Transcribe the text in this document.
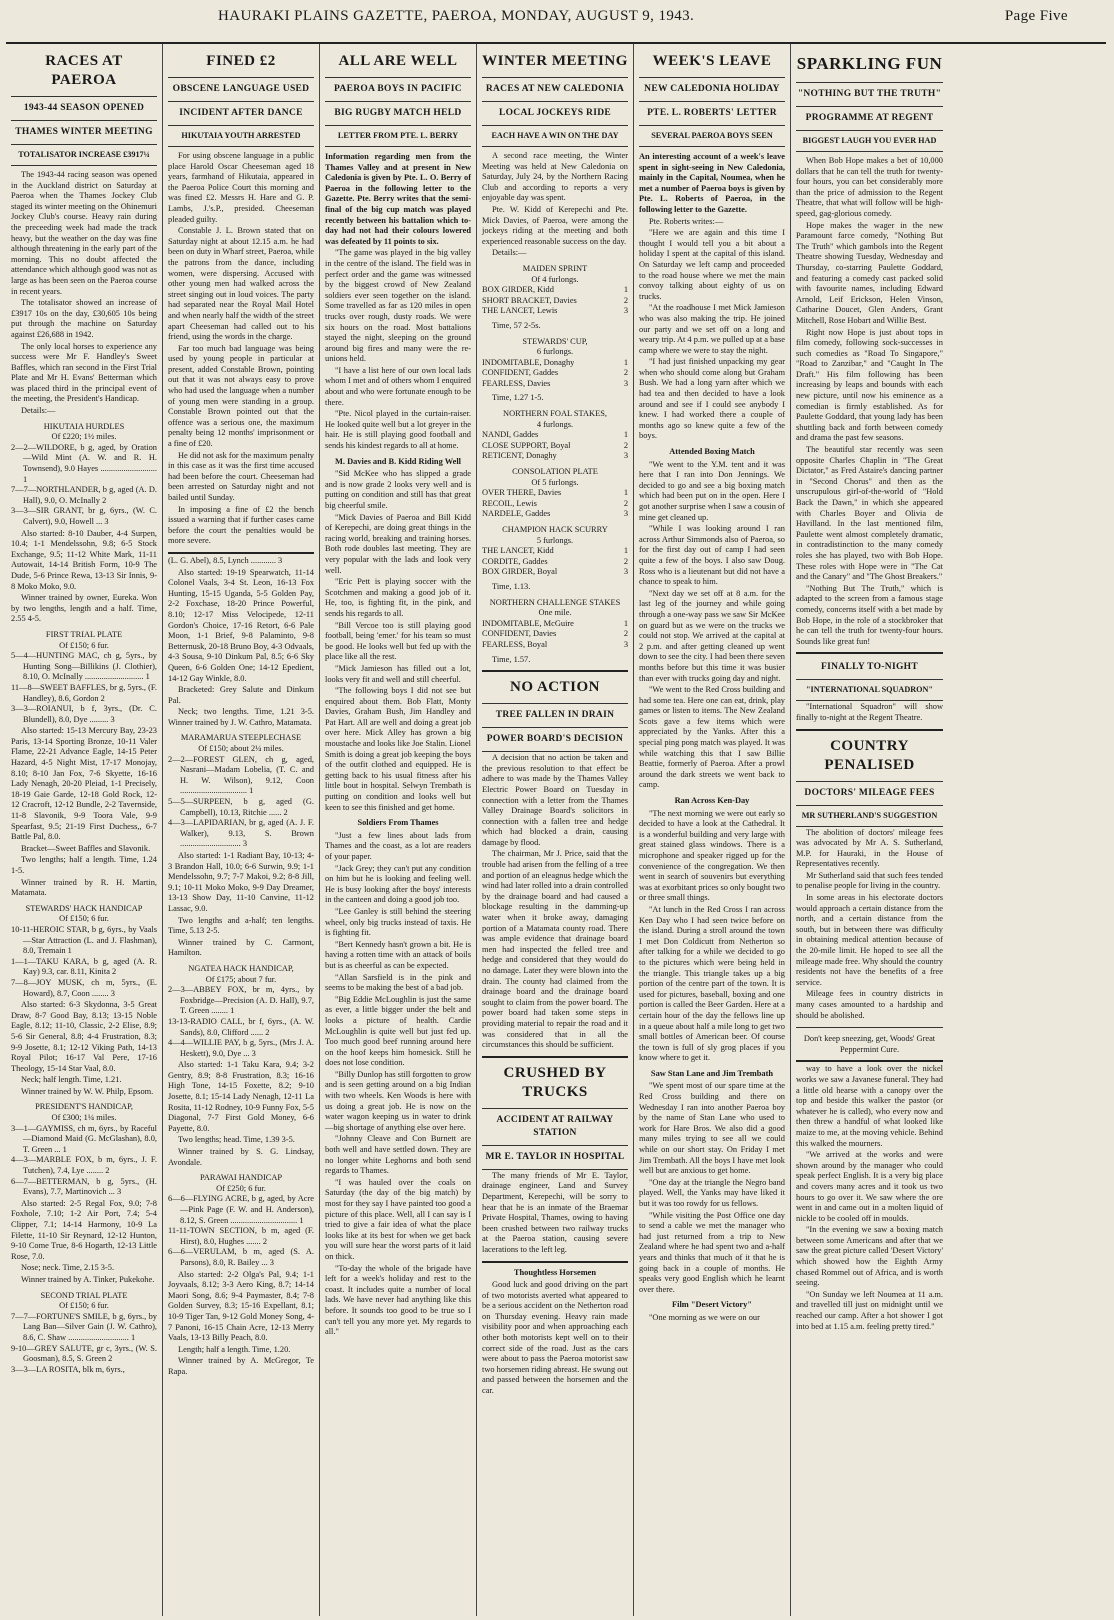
HAURAKI PLAINS GAZETTE, PAEROA, MONDAY, AUGUST 9, 1943.	Page Five
RACES AT PAEROA
1943-44 SEASON OPENED
THAMES WINTER MEETING
TOTALISATOR INCREASE £3917¼

The 1943-44 racing season was opened in the Auckland district on Saturday at Paeroa when the Thames Jockey Club staged its winter meeting on the Ohinemuri Jockey Club's course. Heavy rain during the preceeding week had made the track heavy, but the weather on the day was fine although threatening in the early part of the morning. This no doubt affected the attendance which although good was not as large as has been seen on the Paeroa course in recent years.

The totalisator showed an increase of £3917 10s on the day, £30,605 10s being put through the machine on Saturday against £26,688 in 1942.

The only local horses to experience any success were Mr F. Handley's Sweet Baffles, which ran second in the First Trial Plate and Mr H. Evans' Betterman which was placed third in the principal event of the meeting, the President's Handicap.

Details:—

HIKUTAIA HURDLES
Of £220; 1½ miles.

2—2—WILDORE, b g, aged, by Oration—Wild Mint (A. W. and R. H. Townsend), 9.0 Hayes ........................... 1

7—7—NORTHLANDER, b g, aged (A. D. Hall), 9.0, O. McInally 2

3—3—SIR GRANT, br g, 6yrs., (W. C. Calvert), 9.0, Howell ... 3

Also started: 8-10 Dauber, 4-4 Surpen, 10.4; 1-1 Mendelssohn, 9.8; 6-5 Stock Exchange, 9.5; 11-12 White Mark, 11-11 Autowait, 14-14 British Form, 10-9 The Dude, 5-6 Prince Rewa, 13-13 Sir Innis, 9-8 Moko Moko, 9.0.

Winner trained by owner, Eureka. Won by two lengths, length and a half. Time, 2.55 4-5.

FIRST TRIAL PLATE
Of £150; 6 fur.

5—4—HUNTING MAC, ch g, 5yrs., by Hunting Song—Billikins (J. Clothier), 8.10, O. McInally ............................ 1

11—8—SWEET BAFFLES, br g, 5yrs., (F. Handley), 8.6, Gordon 2

3—3—ROIANUI, b f, 3yrs., (Dr. C. Blundell), 8.0, Dye ......... 3

Also started: 15-13 Mercury Bay, 23-23 Paris, 13-14 Sporting Bronze, 10-11 Valer Flame, 22-21 Advance Eagle, 14-15 Peter Hazard, 4-5 Night Mist, 17-17 Monojay, 8.10; 8-10 Jan Fox, 7-6 Skyette, 16-16 Lady Nenagh, 20-20 Pleiad, 1-1 Precisely, 18-19 Gaie Garde, 12-18 Gold Rock, 12-12 Cracroft, 12-12 Bundle, 2-2 Tavernside, 11-8 Slavonik, 9-9 Toora Vale, 9-9 Spearfast, 9.5; 21-19 First Duchess,, 6-7 Battle Pal, 8.0.

Bracket—Sweet Baffles and Slavonik.

Two lengths; half a length. Time, 1.24 1-5.

Winner trained by R. H. Martin, Matamata.

STEWARDS' HACK HANDICAP
Of £150; 6 fur.

10-11-HEROIC STAR, b g, 6yrs., by Vaals—Star Attraction (L. and J. Flashman), 8.0, Tremain 1

1—1—TAKU KARA, b g, aged (A. R. Kay) 9.3, car. 8.11, Kinita 2

7—8—JOY MUSK, ch m, 5yrs., (E. Howard), 8.7, Coon ........ 3

Also started: 6-3 Skydonna, 3-5 Great Draw, 8-7 Good Bay, 8.13; 13-15 Noble Eagle, 8.12; 11-10, Classic, 2-2 Elise, 8.9; 5-6 Sir General, 8.8; 4-4 Frustration, 8.3; 9-9 Josette, 8.1; 12-12 Viking Path, 14-13 Royal Pilot; 16-17 Val Pere, 17-16 Theology, 15-14 Star Vaal, 8.0.

Neck; half length. Time, 1.21.

Winner trained by W. W. Philp, Epsom.

PRESIDENT'S HANDICAP,
Of £300; 1¼ miles.

3—1—GAYMISS, ch m, 6yrs., by Raceful—Diamond Maid (G. McGlashan), 8.0, T. Green ... 1

4—3—MARBLE FOX, b m, 6yrs., J. F. Tutchen), 7.4, Lye ........ 2

6—7—BETTERMAN, b g, 5yrs., (H. Evans), 7.7, Martinovich ... 3

Also started: 2-5 Regal Fox, 9.0; 7-8 Foxhole, 7.10; 1-2 Air Port, 7.4; 5-4 Clipper, 7.1; 14-14 Harmony, 10-9 La Filette, 11-10 Sir Reynard, 12-12 Hunton, 9-10 Come True, 8-6 Hogarth, 12-13 Little Rose, 7.0.

Nose; neck. Time, 2.15 3-5.

Winner trained by A. Tinker, Pukekohe.

SECOND TRIAL PLATE
Of £150; 6 fur.

7—7—FORTUNE'S SMILE, b g, 6yrs., by Lang Ban—Silver Gain (J. W. Cathro), 8.6, C. Shaw ............................. 1

9-10—GREY SALUTE, gr c, 3yrs., (W. S. Goosman), 8.5, S. Green 2

3—3—LA ROSITA, blk m, 6yrs.,

FINED £2
OBSCENE LANGUAGE USED
INCIDENT AFTER DANCE
HIKUTAIA YOUTH ARRESTED

For using obscene language in a public place Harold Oscar Cheeseman aged 18 years, farmhand of Hikutaia, appeared in the Paeroa Police Court this morning and was fined £2. Messrs H. Hare and G. P. Lambs, J.'s.P., presided. Cheeseman pleaded guilty.

Constable J. L. Brown stated that on Saturday night at about 12.15 a.m. he had been on duty in Wharf street, Paeroa, while the patrons from the dance, including women, were dispersing. Accused with other young men had walked across the street singing out in loud voices. The party had separated near the Royal Mail Hotel and when nearly half the width of the street apart Cheeseman had called out to his friend, using the words in the charge.

Far too much bad language was being used by young people in particular at present, added Constable Brown, pointing out that it was not always easy to prove who had used the language when a number of young men were standing in a group. Constable Brown pointed out that the offence was a serious one, the maximum penalty being 12 months' imprisonment or a fine of £20.

He did not ask for the maximum penalty in this case as it was the first time accused had been before the court. Cheeseman had been arrested on Saturday night and not bailed until Sunday.

In imposing a fine of £2 the bench issued a warning that if further cases came before the court the penalties would be more severe.

(L. G. Abel), 8.5, Lynch ............ 3

Also started: 19-19 Spearwatch, 11-14 Colonel Vaals, 3-4 St. Leon, 16-13 Fox Hunting, 15-15 Uganda, 5-5 Golden Pay, 2-2 Foxchase, 18-20 Prince Powerful, 8.10; 12-17 Miss Velocipede, 12-11 Gordon's Choice, 17-16 Retort, 6-6 Pale Moon, 1-1 Brief, 9-8 Palaminto, 9-8 Betternusk, 20-18 Bruno Boy, 4-3 Odvaals, 4-3 Sousa, 9-10 Dinkum Pal, 8.5; 6-6 Sky Queen, 6-6 Golden One; 14-12 Epedient, 14-12 Gay Winkle, 8.0.

Bracketed: Grey Salute and Dinkum Pal.

Neck; two lengths. Time, 1.21 3-5. Winner trained by J. W. Cathro, Matamata.

MARAMARUA STEEPLECHASE
Of £150; about 2¼ miles.

2—2—FOREST GLEN, ch g, aged, Nasrani—Madam Lobelia, (T. C. and H. W. Wilson), 9.12, Coon ................................ 1

5—5—SURPEEN, b g, aged (G. Campbell), 10.13, Ritchie ...... 2

4—3—LAPIDARIAN, br g, aged (A. J. F. Walker), 9.13, S. Brown ............................. 3

Also started: 1-1 Radiant Bay, 10-13; 4-3 Brandon Hall, 10.0; 6-6 Surwin, 9.9; 1-1 Mendelssohn, 9.7; 7-7 Makoi, 9.2; 8-8 Jill, 9.1; 10-11 Moko Moko, 9-9 Day Dreamer, 13-13 Show Day, 11-10 Canvine, 11-12 Lassac, 9.0.

Two lengths and a-half; ten lengths. Time, 5.13 2-5.

Winner trained by C. Carmont, Hamilton.

NGATEA HACK HANDICAP,
Of £175; about 7 fur.

2—3—ABBEY FOX, br m, 4yrs., by Foxbridge—Precision (A. D. Hall), 9.7, T. Green ........ 1

13-13-RADIO CALL, br f, 6yrs., (A. W. Sands), 8.0, Clifford ...... 2

4—4—WILLIE PAY, b g, 5yrs., (Mrs J. A. Heskett), 9.0, Dye ... 3

Also started: 1-1 Taku Kara, 9.4; 3-2 Gentry, 8.9; 8-8 Frustration, 8.3; 16-16 High Tone, 14-15 Foxette, 8.2; 9-10 Josette, 8.1; 15-14 Lady Nenagh, 12-11 La Rosita, 11-12 Rodney, 10-9 Funny Fox, 5-5 Diagonal, 7-7 First Gold Money, 6-6 Payette, 8.0.

Two lengths; head. Time, 1.39 3-5.

Winner trained by S. G. Lindsay, Avondale.

PARAWAI HANDICAP
Of £250; 6 fur.

6—6—FLYING ACRE, b g, aged, by Acre—Pink Page (F. W. and H. Anderson), 8.12, S. Green ................................ 1

11-11-TOWN SECTION, b m, aged (F. Hirst), 8.0, Hughes ....... 2

6—6—VERULAM, b m, aged (S. A. Parsons), 8.0, R. Bailey ... 3

Also started: 2-2 Olga's Pal, 9.4; 1-1 Joyvaals, 8.12; 3-3 Aero King, 8.7; 14-14 Maori Song, 8.6; 9-4 Paymaster, 8.4; 7-8 Golden Survey, 8.3; 15-16 Expellant, 8.1; 10-9 Tiger Tan, 9-12 Gold Money Song, 4-7 Panoni, 16-15 Chain Acre, 12-13 Merry Vaals, 13-13 Billy Peach, 8.0.

Length; half a length. Time, 1.20.

Winner trained by A. McGregor, Te Rapa.

ALL ARE WELL
PAEROA BOYS IN PACIFIC
BIG RUGBY MATCH HELD
LETTER FROM PTE. L. BERRY

Information regarding men from the Thames Valley and at present in New Caledonia is given by Pte. L. O. Berry of Paeroa in the following letter to the Gazette. Pte. Berry writes that the semi-final of the big cup match was played recently between his battalion which to-day had not had their colours lowered was defeated by 11 points to six.

"The game was played in the big valley in the centre of the island. The field was in perfect order and the game was witnessed by the biggest crowd of New Zealand soldiers ever seen together on the island. Some travelled as far as 120 miles in open trucks over rough, dusty roads. We were six hours on the road. Most battalions stayed the night, sleeping on the ground around big fires and many were the re-unions held.

"I have a list here of our own local lads whom I met and of others whom I enquired about and who were fortunate enough to be there.

"Pte. Nicol played in the curtain-raiser. He looked quite well but a lot greyer in the hair. He is still playing good football and sends his kindest regards to all at home.

M. Davies and B. Kidd Riding Well

"Sid McKee who has slipped a grade and is now grade 2 looks very well and is putting on condition and still has that great big cheerful smile.

"Mick Davies of Paeroa and Bill Kidd of Kerepechi, are doing great things in the racing world, breaking and training horses. Both rode doubles last meeting. They are very popular with the lads and look very well.

"Eric Pett is playing soccer with the Scotchmen and making a good job of it. He, too, is fighting fit, in the pink, and sends his regards to all.

"Bill Vercoe too is still playing good football, being 'emer.' for his team so must be good. He looks well but fed up with the place like all the rest.

"Mick Jamieson has filled out a lot, looks very fit and well and still cheerful.

"The following boys I did not see but enquired about them. Bob Flatt, Monty Davies, Graham Bush, Jim Handley and Pat Hart. All are well and doing a great job over here. Mick Alley has grown a big moustache and looks like Joe Stalin. Lionel Smith is doing a great job keeping the boys of the outfit clothed and equipped. He is getting back to his usual fitness after his little bout in hospital. Selwyn Trembath is putting on condition and looks well but keen to see this finished and get home.

Soldiers From Thames

"Just a few lines about lads from Thames and the coast, as a lot are readers of your paper.

"Jack Grey; they can't put any condition on him but he is looking and feeling well. He is busy looking after the boys' interests in the canteen and doing a good job too.

"Lee Ganley is still behind the steering wheel, only big trucks instead of taxis. He is fighting fit.

"Bert Kennedy hasn't grown a bit. He is having a rotten time with an attack of boils but is as cheerful as can be expected.

"Allan Sarsfield is in the pink and seems to be making the best of a bad job.

"Big Eddie McLoughlin is just the same as ever, a little bigger under the belt and looks a picture of health. Cardie McLoughlin is quite well but just fed up. Too much good beef running around here on the hoof keeps him homesick. Still he does not lose condition.

"Billy Dunlop has still forgotten to grow and is seen getting around on a big Indian with two wheels. Ken Woods is here with us doing a great job. He is now on the water wagon keeping us in water to drink—big shortage of anything else over here.

"Johnny Cleave and Con Burnett are both well and have settled down. They are no longer white Leghorns and both send regards to Thames.

"I was hauled over the coals on Saturday (the day of the big match) by most for they say I have painted too good a picture of this place. Well, all I can say is I tried to give a fair idea of what the place looks like at its best for when we get back you will sure hear the worst parts of it laid on thick.

"To-day the whole of the brigade have left for a week's holiday and rest to the coast. It includes quite a number of local lads. We have never had anything like this before. It sounds too good to be true so I can't tell you any more yet. My regards to all."

WINTER MEETING
RACES AT NEW CALEDONIA
LOCAL JOCKEYS RIDE
EACH HAVE A WIN ON THE DAY

A second race meeting, the Winter Meeting was held at New Caledonia on Saturday, July 24, by the Northern Racing Club and according to reports a very enjoyable day was spent.

Pte. W. Kidd of Kerepechi and Pte. Mick Davies, of Paeroa, were among the jockeys riding at the meeting and both experienced reasonable success on the day.

Details:—

MAIDEN SPRINT
Of 4 furlongs.
BOX GIRDER, Kidd	1
SHORT BRACKET, Davies	2
THE LANCET, Lewis	3

Time, 57 2-5s.

STEWARDS' CUP,
6 furlongs.
INDOMITABLE, Donaghy	1
CONFIDENT, Gaddes	2
FEARLESS, Davies	3

Time, 1.27 1-5.

NORTHERN FOAL STAKES,
4 furlongs.
NANDI, Gaddes	1
CLOSE SUPPORT, Boyal	2
RETICENT, Donaghy	3
CONSOLATION PLATE
Of 5 furlongs.
OVER THERE, Davies	1
RECOIL, Lewis	2
NARDELE, Gaddes	3
CHAMPION HACK SCURRY
5 furlongs.
THE LANCET, Kidd	1
CORDITE, Gaddes	2
BOX GIRDER, Boyal	3

Time, 1.13.

NORTHERN CHALLENGE STAKES
One mile.
INDOMITABLE, McGuire	1
CONFIDENT, Davies	2
FEARLESS, Boyal	3

Time, 1.57.

NO ACTION
TREE FALLEN IN DRAIN
POWER BOARD'S DECISION

A decision that no action be taken and the previous resolution to that effect be adhere to was made by the Thames Valley Electric Power Board on Tuesday in connection with a letter from the Thames Valley Drainage Board's solicitors in connection with a fallen tree and hedge which had blocked a drain, causing damage by flood.

The chairman, Mr J. Price, said that the trouble had arisen from the felling of a tree and portion of an eleagnus hedge which the wind had later rolled into a drain controlled by the drainage board and had caused a blockage resulting in the damming-up water when it broke away, damaging portion of a Matamata county road. There was ample evidence that drainage board men had inspected the felled tree and hedge and considered that they would do no damage. Later they were blown into the drain. The county had claimed from the drainage board and the drainage board sought to claim from the power board. The power board had taken some steps in providing material to repair the road and it was considered that in all the circumstances this should be sufficient.

CRUSHED BY TRUCKS
ACCIDENT AT RAILWAY STATION
MR E. TAYLOR IN HOSPITAL

The many friends of Mr E. Taylor, drainage engineer, Land and Survey Department, Kerepechi, will be sorry to hear that he is an inmate of the Braemar Private Hospital, Thames, owing to having been crushed between two railway trucks at the Paeroa station, causing severe lacerations to the left leg.

Thoughtless Horsemen

Good luck and good driving on the part of two motorists averted what appeared to be a serious accident on the Netherton road on Thursday evening. Heavy rain made visibility poor and when approaching each other both motorists kept well on to their correct side of the road. Just as the cars were about to pass the Paeroa motorist saw two horsemen riding abreast. He swung out and passed between the horsemen and the car.

WEEK'S LEAVE
NEW CALEDONIA HOLIDAY
PTE. L. ROBERTS' LETTER
SEVERAL PAEROA BOYS SEEN

An interesting account of a week's leave spent in sight-seeing in New Caledonia, mainly in the Capital, Noumea, when he met a number of Paeroa boys is given by Pte. L. Roberts of Paeroa, in the following letter to the Gazette.

Pte. Roberts writes:—

"Here we are again and this time I thought I would tell you a bit about a holiday I spent at the capital of this island. On Saturday we left camp and proceeded to the road house where we met the main convoy talking about eighty of us on trucks.

"At the roadhouse I met Mick Jamieson who was also making the trip. He joined our party and we set off on a long and weary trip. At 4 p.m. we pulled up at a base camp where we were to stay the night.

"I had just finished unpacking my gear when who should come along but Graham Bush. We had a long yarn after which we had tea and then decided to have a look around and see if I could see anybody I knew. I had worked there a couple of months ago so knew quite a few of the boys.

Attended Boxing Match

"We went to the Y.M. tent and it was here that I ran into Don Jennings. We decided to go and see a big boxing match which had been put on in the open. Here I got another surprise when I saw a cousin of mine get cleaned up.

"While I was looking around I ran across Arthur Simmonds also of Paeroa, so for the first day out of camp I had seen quite a few of the boys. I also saw Doug. Ross who is a lieutenant but did not have a chance to speak to him.

"Next day we set off at 8 a.m. for the last leg of the journey and while going through a one-way pass we saw Sir McKee on guard but as we were on the trucks we could not stop. We arrived at the capital at 2 p.m. and after getting cleaned up went down to see the city. I had been there seven months before but this time it was busier than ever with trucks going day and night.

"We went to the Red Cross building and had some tea. Here one can eat, drink, play games or listen to items. The New Zealand Scots gave a few items which were appreciated by the Yanks. After this a special ping pong match was played. It was while watching this that I saw Billie Beattie, formerly of Paeroa. After a prowl around the dark streets we went back to camp.

Ran Across Ken-Day

"The next morning we were out early so decided to have a look at the Cathedral. It is a wonderful building and very large with great stained glass windows. There is a microphone and speaker rigged up for the convenience of the congregation. We then went in search of souvenirs but everything was at exorbitant prices so only bought two or three small things.

"At lunch in the Red Cross I ran across Ken Day who I had seen twice before on the island. During a stroll around the town I met Don Coldicutt from Netherton so after talking for a while we decided to go to the pictures which were being held in the triangle. This triangle takes up a big portion of the centre part of the town. It is used for pictures, baseball, boxing and one portion is called the Beer Garden. Here at a certain hour of the day the fellows line up in a queue about half a mile long to get two small bottles of American beer. Of course the town is full of sly grog places if you know where to get it.

Saw Stan Lane and Jim Trembath

"We spent most of our spare time at the Red Cross building and there on Wednesday I ran into another Paeroa boy by the name of Stan Lane who used to work for Hare Bros. We also did a good many miles trying to see all we could while on our short stay. On Friday I met Jim Trembath. All the boys I have met look well but are anxious to get home.

"One day at the triangle the Negro band played. Well, the Yanks may have liked it but it was too rowdy for us fellows.

"While visiting the Post Office one day to send a cable we met the manager who had just returned from a trip to New Zealand where he had spent two and a-half years and thinks that much of it that he is going back in a couple of months. He speaks very good English which he learnt over there.

Film "Desert Victory"

"One morning as we were on our

SPARKLING FUN
"NOTHING BUT THE TRUTH"
PROGRAMME AT REGENT
BIGGEST LAUGH YOU EVER HAD

When Bob Hope makes a bet of 10,000 dollars that he can tell the truth for twenty-four hours, you can bet considerably more than the price of admission to the Regent Theatre, that what will follow will be high-speed, gag-glorious comedy.

Hope makes the wager in the new Paramount farce comedy, "Nothing But The Truth" which gambols into the Regent Theatre showing Tuesday, Wednesday and Thursday, co-starring Paulette Goddard, and featuring a comedy cast packed solid with favourite names, including Edward Arnold, Leif Erickson, Helen Vinson, Catharine Doucet, Glen Anders, Grant Mitchell, Rose Hobart and Willie Best.

Right now Hope is just about tops in film comedy, following sock-successes in such comedies as "Road To Singapore," "Road to Zanzibar," and "Caught In The Draft." His film following has been increasing by leaps and bounds with each new picture, until now his eminence as a comedian is firmly established. As for Paulette Goddard, that young lady has been shuttling back and forth between comedy and drama the past few seasons.

The beautiful star recently was seen opposite Charles Chaplin in "The Great Dictator," as Fred Astaire's dancing partner in "Second Chorus" and then as the unscrupulous girl-of-the-world of "Hold Back the Dawn," in which she appeared with Charles Boyer and Olivia de Havilland. In the last mentioned film, Paulette went almost completely dramatic, in contradistinction to the many comedy roles she has played, two with Bob Hope. These roles with Hope were in "The Cat and the Canary" and "The Ghost Breakers."

"Nothing But The Truth," which is adapted to the screen from a famous stage comedy, concerns itself with a bet made by Bob Hope, in the role of a stockbroker that he can tell the truth for twenty-four hours. Sounds like great fun!

FINALLY TO-NIGHT
"INTERNATIONAL SQUADRON"

"International Squadron" will show finally to-night at the Regent Theatre.

COUNTRY PENALISED
DOCTORS' MILEAGE FEES
MR SUTHERLAND'S SUGGESTION

The abolition of doctors' mileage fees was advocated by Mr A. S. Sutherland, M.P. for Hauraki, in the House of Representatives recently.

Mr Sutherland said that such fees tended to penalise people for living in the country.

In some areas in his electorate doctors would approach a certain distance from the north, and a certain distance from the south, but in between there was difficulty in obtaining medical attention because of the 20-mile limit. He hoped to see all the mileage made free. Why should the country residents not have the benefits of a free service.

Mileage fees in country districts in many cases amounted to a hardship and should be abolished.

Don't keep sneezing, get, Woods' Great Peppermint Cure.

way to have a look over the nickel works we saw a Javanese funeral. They had a little old hearse with a canopy over the top and beside this walker the pastor (or whatever he is called), who every now and then threw a handful of what looked like maize to me, at the moving vehicle. Behind this walked the mourners.

"We arrived at the works and were shown around by the manager who could speak perfect English. It is a very big place and covers many acres and it took us two hours to go over it. We saw where the ore went in and came out in a molten liquid of nickle to be cooled off in moulds.

"In the evening we saw a boxing match between some Americans and after that we saw the great picture called 'Desert Victory' which showed how the Eighth Army chased Rommel out of Africa, and is worth seeing.

"On Sunday we left Noumea at 11 a.m. and travelled till just on midnight until we reached our camp. After a hot shower I got into bed at 1.15 a.m. feeling pretty tired."
